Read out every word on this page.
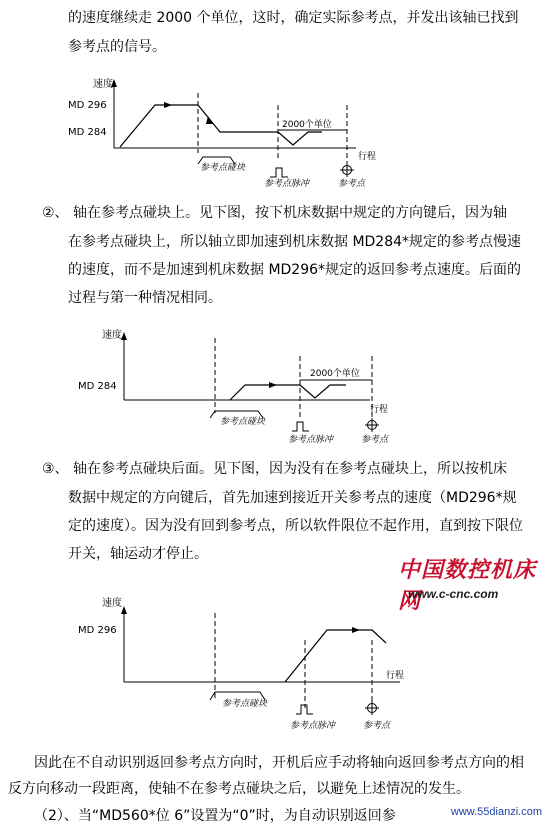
的速度继续走 2000 个单位，这时，确定实际参考点，并发出该轴已找到

参考点的信号。

速度
MD 296
MD 284
2000个单位
行程
参考点碰块
参考点脉冲	参考点

②、 轴在参考点碰块上。见下图，按下机床数据中规定的方向键后，因为轴

在参考点碰块上，所以轴立即加速到机床数据 MD284*规定的参考点慢速

的速度，而不是加速到机床数据 MD296*规定的返回参考点速度。后面的

过程与第一种情况相同。

速度
MD 284
2000个单位
行程
参考点碰块
参考点脉冲	参考点

③、 轴在参考点碰块后面。见下图，因为没有在参考点碰块上，所以按机床

数据中规定的方向键后，首先加速到接近开关参考点的速度（MD296*规

定的速度）。因为没有回到参考点，所以软件限位不起作用，直到按下限位

开关，轴运动才停止。

中国数控机床网
www.c-cnc.com
速度
MD 296
行程
参考点碰块
参考点脉冲	参考点

因此在不自动识别返回参考点方向时，开机后应手动将轴向返回参考点方向的相

反方向移动一段距离，使轴不在参考点碰块之后，以避免上述情况的发生。

（2）、当“MD560*位 6”设置为“0”时，为自动识别返回参	www.55dianzi.com
